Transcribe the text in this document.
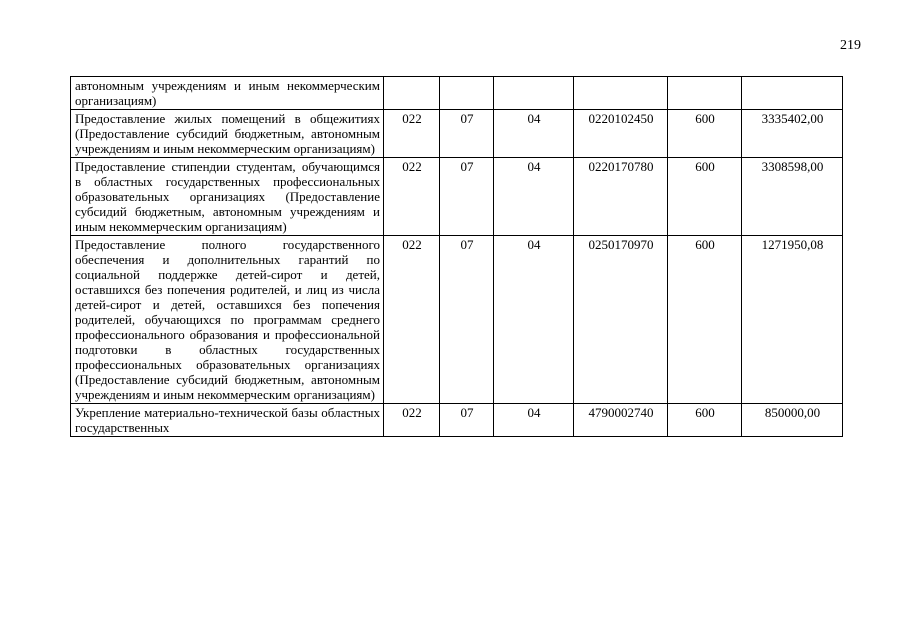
219
автономным учреждениям и иным некоммерческим организациям)						
Предоставление жилых помещений в общежитиях (Предоставление субсидий бюджетным, автономным учреждениям и иным некоммерческим организациям)	022	07	04	0220102450	600	3335402,00
Предоставление стипендии студентам, обучающимся в областных государственных профессиональных образовательных организациях (Предоставление субсидий бюджетным, автономным учреждениям и иным некоммерческим организациям)	022	07	04	0220170780	600	3308598,00
Предоставление полного государственного обеспечения и дополнительных гарантий по социальной поддержке детей-сирот и детей, оставшихся без попечения родителей, и лиц из числа детей-сирот и детей, оставшихся без попечения родителей, обучающихся по программам среднего профессионального образования и профессиональной подготовки в областных государственных профессиональных образовательных организациях (Предоставление субсидий бюджетным, автономным учреждениям и иным некоммерческим организациям)	022	07	04	0250170970	600	1271950,08
Укрепление материально-технической базы областных государственных	022	07	04	4790002740	600	850000,00
